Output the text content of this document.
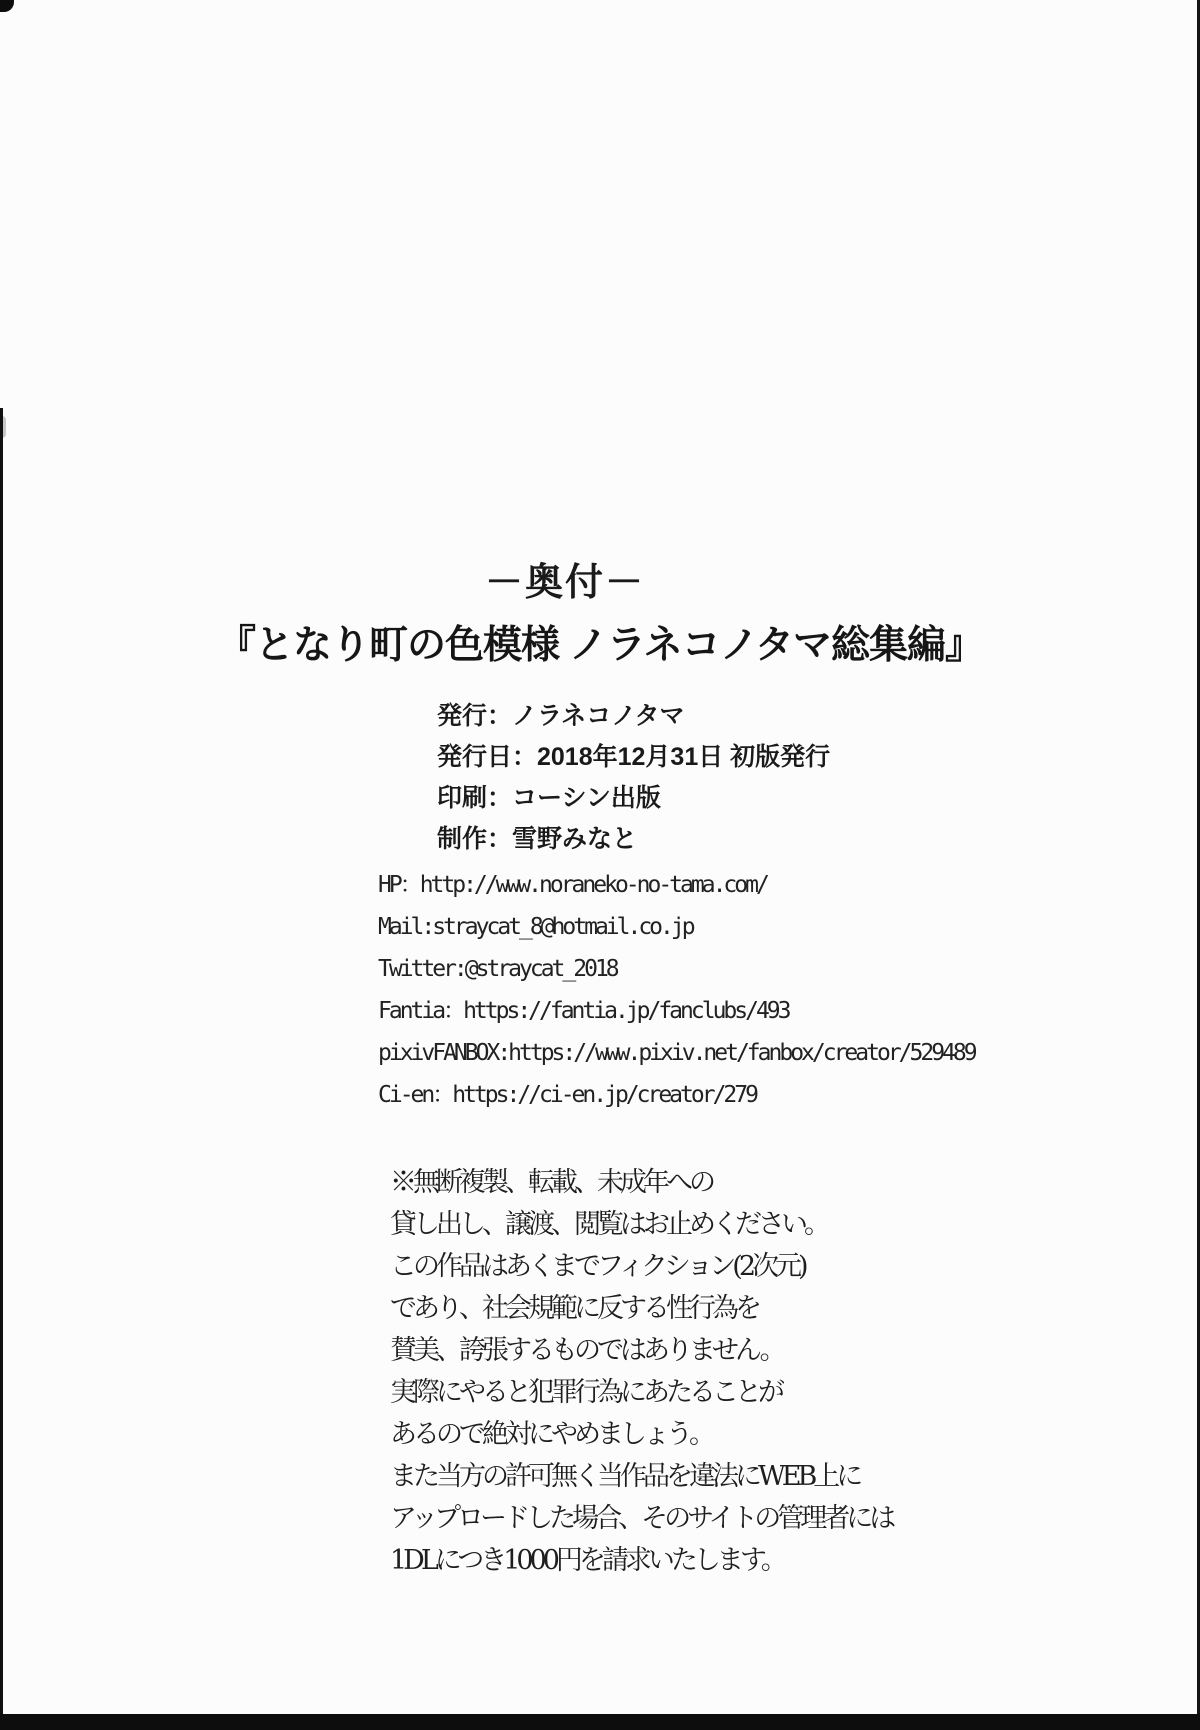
－奥付－
『となり町の色模様 ノラネコノタマ総集編』
発行：ノラネコノタマ
発行日：2018年12月31日 初版発行
印刷：コーシン出版
制作：雪野みなと
HP：http://www.noraneko-no-tama.com/
Mail:straycat_8@hotmail.co.jp
Twitter:@straycat_2018
Fantia：https://fantia.jp/fanclubs/493
pixivFANBOX:https://www.pixiv.net/fanbox/creator/529489
Ci-en：https://ci-en.jp/creator/279
※無断複製、転載、未成年への
貸し出し、譲渡、閲覧はお止めください。
この作品はあくまでフィクション(2次元)
であり、社会規範に反する性行為を
賛美、誇張するものではありません。
実際にやると犯罪行為にあたることが
あるので絶対にやめましょう。
また当方の許可無く当作品を違法にWEB上に
アップロードした場合、そのサイトの管理者には
1DLにつき1000円を請求いたします。
